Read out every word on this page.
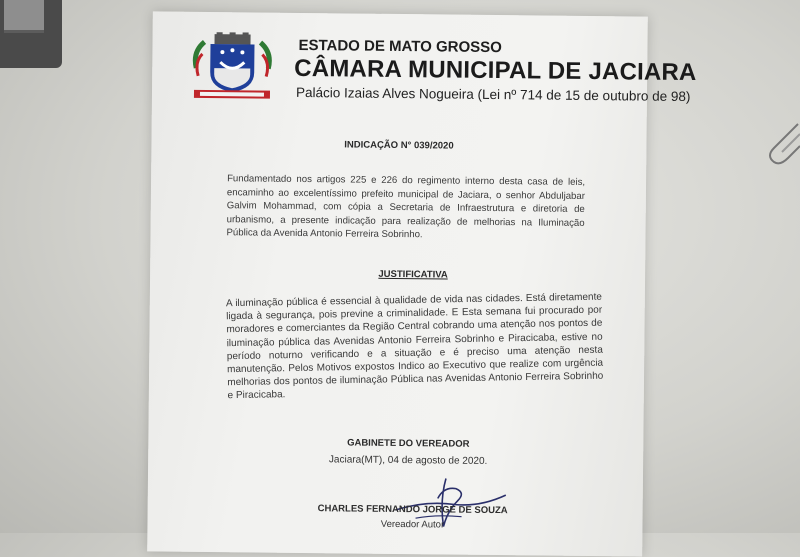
ESTADO DE MATO GROSSO
CÂMARA MUNICIPAL DE JACIARA
Palácio Izaias Alves Nogueira (Lei nº 714 de 15 de outubro de 98)
INDICAÇÃO N° 039/2020
Fundamentado nos artigos 225 e 226 do regimento interno desta casa de leis, encaminho ao excelentíssimo prefeito municipal de Jaciara, o senhor Abduljabar Galvim Mohammad, com cópia a Secretaria de Infraestrutura e diretoria de urbanismo, a presente indicação para realização de melhorias na Iluminação Pública da Avenida Antonio Ferreira Sobrinho.
JUSTIFICATIVA
A iluminação pública é essencial à qualidade de vida nas cidades. Está diretamente ligada à segurança, pois previne a criminalidade. E Esta semana fui procurado por moradores e comerciantes da Região Central cobrando uma atenção nos pontos de iluminação pública das Avenidas Antonio Ferreira Sobrinho e Piracicaba, estive no período noturno verificando e a situação e é preciso uma atenção nesta manutenção. Pelos Motivos expostos Indico ao Executivo que realize com urgência melhorias dos pontos de iluminação Pública nas Avenidas Antonio Ferreira Sobrinho e Piracicaba.
GABINETE DO VEREADOR
Jaciara(MT), 04 de agosto de 2020.
CHARLES FERNANDO JORGE DE SOUZA
Vereador Autor
